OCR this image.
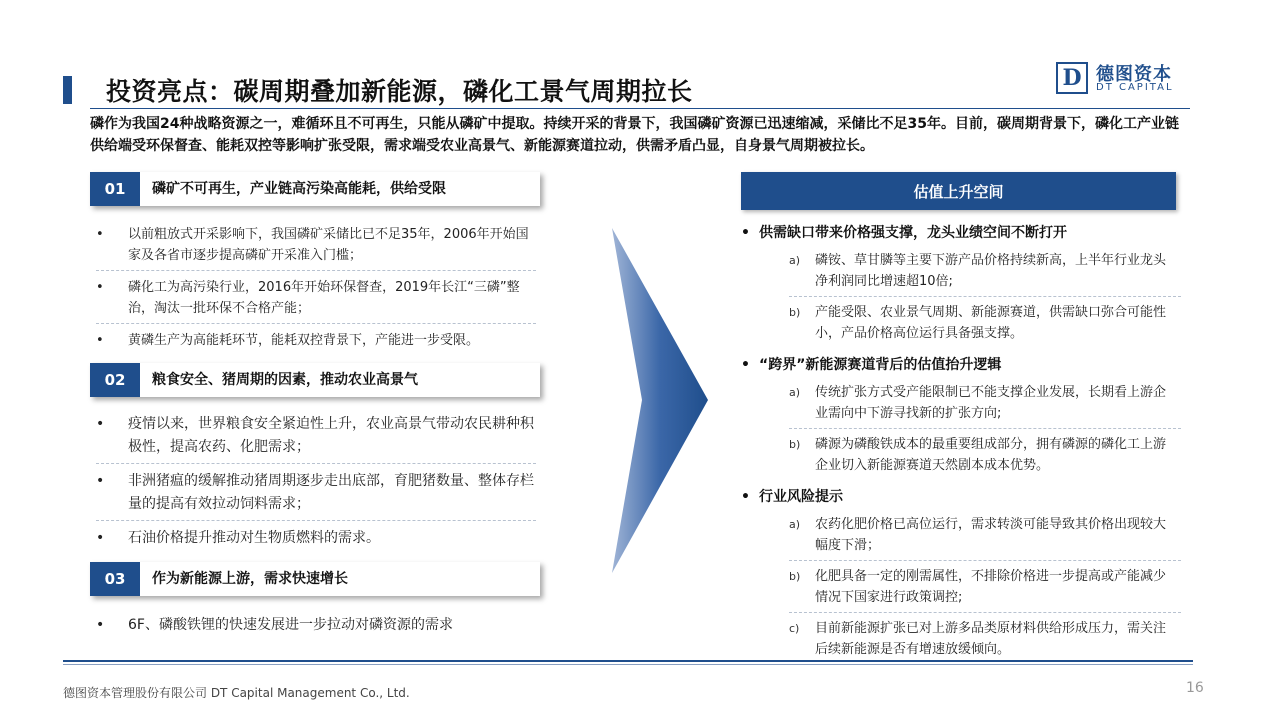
投资亮点：碳周期叠加新能源，磷化工景气周期拉长	D 德图资本
DT CAPITAL
磷作为我国24种战略资源之一，难循环且不可再生，只能从磷矿中提取。持续开采的背景下，我国磷矿资源已迅速缩减，采储比不足35年。目前，碳周期背景下，磷化工产业链供给端受环保督查、能耗双控等影响扩张受限，需求端受农业高景气、新能源赛道拉动，供需矛盾凸显，自身景气周期被拉长。
01	磷矿不可再生，产业链高污染高能耗，供给受限
• 以前粗放式开采影响下，我国磷矿采储比已不足35年，2006年开始国家及各省市逐步提高磷矿开采准入门槛；
• 磷化工为高污染行业，2016年开始环保督查，2019年长江“三磷”整治，淘汰一批环保不合格产能；
• 黄磷生产为高能耗环节，能耗双控背景下，产能进一步受限。
02	粮食安全、猪周期的因素，推动农业高景气
• 疫情以来，世界粮食安全紧迫性上升，农业高景气带动农民耕种积极性，提高农药、化肥需求；
• 非洲猪瘟的缓解推动猪周期逐步走出底部，育肥猪数量、整体存栏量的提高有效拉动饲料需求；
• 石油价格提升推动对生物质燃料的需求。
03	作为新能源上游，需求快速增长
• 6F、磷酸铁锂的快速发展进一步拉动对磷资源的需求
估值上升空间
• 供需缺口带来价格强支撑，龙头业绩空间不断打开
a) 磷铵、草甘膦等主要下游产品价格持续新高，上半年行业龙头净利润同比增速超10倍;
b) 产能受限、农业景气周期、新能源赛道，供需缺口弥合可能性小，产品价格高位运行具备强支撑。
• “跨界”新能源赛道背后的估值抬升逻辑
a) 传统扩张方式受产能限制已不能支撑企业发展，长期看上游企业需向中下游寻找新的扩张方向;
b) 磷源为磷酸铁成本的最重要组成部分，拥有磷源的磷化工上游企业切入新能源赛道天然剧本成本优势。
• 行业风险提示
a) 农药化肥价格已高位运行，需求转淡可能导致其价格出现较大幅度下滑；
b) 化肥具备一定的刚需属性，不排除价格进一步提高或产能减少情况下国家进行政策调控;
c) 目前新能源扩张已对上游多品类原材料供给形成压力，需关注后续新能源是否有增速放缓倾向。
德图资本管理股份有限公司 DT Capital Management Co., Ltd.	16
